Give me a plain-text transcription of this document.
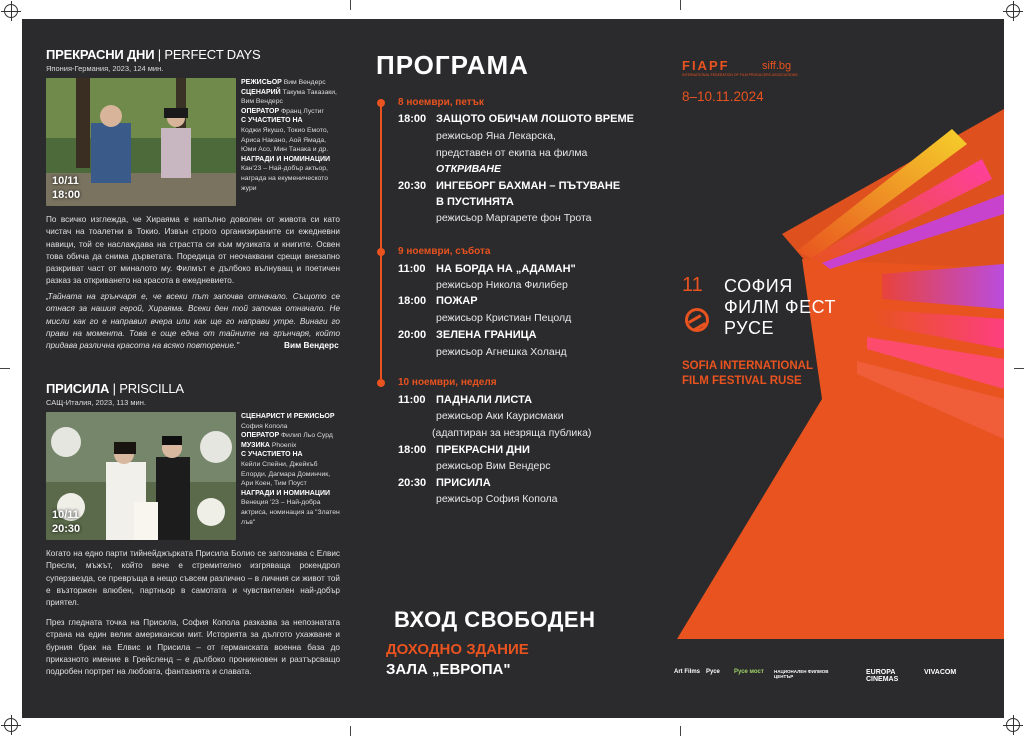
ПРЕКРАСНИ ДНИ | PERFECT DAYS
Япония-Германия, 2023, 124 мин.
10/11
18:00
РЕЖИСЬОР Вим Вендерс
СЦЕНАРИЙ Такума Таказаки, Вим Вендерс
ОПЕРАТОР Франц Лустиг
С УЧАСТИЕТО НА
Коджи Якушо, Токио Емото, Ариса Накано, Аой Ямада, Юми Асо, Мин Танака и др.
НАГРАДИ И НОМИНАЦИИ
Кан'23 – Най-добър актьор, награда на екуменическото жури
По всичко изглежда, че Хираяма е напълно доволен от живота си като чистач на тоалетни в Токио. Извън строго организираните си ежедневни навици, той се наслаждава на страстта си към музиката и книгите. Освен това обича да снима дърветата. Поредица от неочаквани срещи внезапно разкриват част от миналото му. Филмът е дълбоко вълнуващ и поетичен разказ за откриването на красота в ежедневието.
„Тайната на грънчаря е, че всеки път започва отначало. Същото се отнася за нашия герой, Хираяма. Всеки ден той започва отначало. Не мисли как го е направил вчера или как ще го направи утре. Винаги го прави на момента. Това е още една от тайните на грънчаря, който придава различна красота на всяко повторение."	Вим Вендерс
ПРИСИЛА | PRISCILLA
САЩ-Италия, 2023, 113 мин.
10/11
20:30
СЦЕНАРИСТ И РЕЖИСЬОР
София Копола
ОПЕРАТОР Филип Льо Сурд
МУЗИКА Phoenix
С УЧАСТИЕТО НА
Кейли Спейни, Джейкъб Елорди, Дагмара Доминчик, Ари Коен, Тим Поуст
НАГРАДИ И НОМИНАЦИИ
Венеция '23 – Най-добра актриса, номинация за "Златен лъв"
Когато на едно парти тийнейджърката Присила Болио се запознава с Елвис Пресли, мъжът, който вече е стремително изгряваща рокендрол суперзвезда, се превръща в нещо съвсем различно – в личния си живот той е възторжен влюбен, партньор в самотата и чувствителен най-добър приятел.
През гледната точка на Присила, София Копола разказва за непознатата страна на един велик американски мит. Историята за дългото ухажване и бурния брак на Елвис и Присила – от германската военна база до приказното имение в Грейсленд – е дълбоко проникновен и разтърсващо подробен портрет на любовта, фантазията и славата.
ПРОГРАМА
8 ноември, петък
18:00 ЗАЩОТО ОБИЧАМ ЛОШОТО ВРЕМЕ
режисьор Яна Лекарска,
представен от екипа на филма
ОТКРИВАНЕ
20:30 ИНГЕБОРГ БАХМАН – ПЪТУВАНЕ
В ПУСТИНЯТА
режисьор Маргарете фон Трота
9 ноември, събота
11:00 НА БОРДА НА „АДАМАН"
режисьор Никола Филибер
18:00 ПОЖАР
режисьор Кристиан Пецолд
20:00 ЗЕЛЕНА ГРАНИЦА
режисьор Агнешка Холанд
10 ноември, неделя
11:00 ПАДНАЛИ ЛИСТА
режисьор Аки Каурисмаки
(адаптиран за незрящa публика)
18:00 ПРЕКРАСНИ ДНИ
режисьор Вим Вендерс
20:30 ПРИСИЛА
режисьор София Копола
ВХОД СВОБОДЕН
ДОХОДНО ЗДАНИЕ
ЗАЛА „ЕВРОПА"
FIAPF
INTERNATIONAL FEDERATION OF FILM PRODUCERS ASSOCIATIONS
siff.bg
8–10.11.2024
11 СОФИЯ
ФИЛМ ФЕСТ
РУСЕ
SOFIA INTERNATIONAL
FILM FESTIVAL RUSE
Art Films Русе	Русе мост	НАЦИОНАЛЕН ФИЛМОВ ЦЕНТЪР
EUROPA CINEMAS
VIVACOM
